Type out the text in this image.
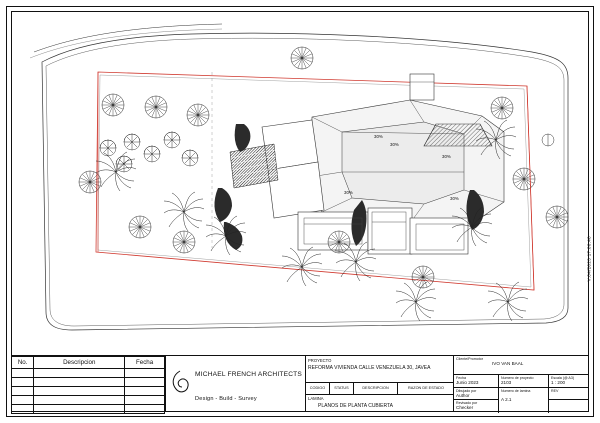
30%
30%
30%
30%
30%
V:04/2023 17:06:40
No.	Descripcion	Fecha

MICHAEL FRENCH ARCHITECTS
Design - Build - Survey
PROYECTO
REFORMA VIVIENDA CALLE VENEZUELA 30, JAVEA
CODIGO	STATUS	DESCRIPCION	RAZON DE ESTADO
LAMINA
PLANOS DE PLANTA CUBIERTA
Cliente/Promotor
IVO VAN BAAL
Fecha
Junio 2023
Numero de proyecto
2103
Escala (@ A3)
1 : 200
Dibujado por
Author
Numero de lamina
A 2.1
REV
Revisado por
Checker
